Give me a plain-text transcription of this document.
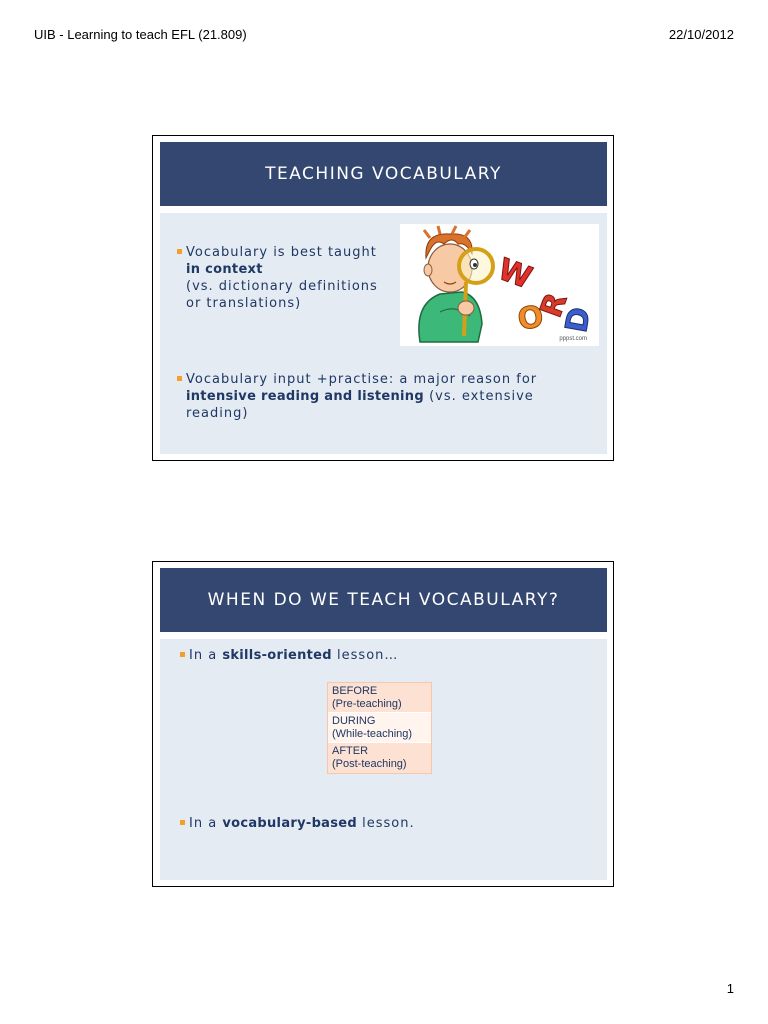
UIB - Learning to teach EFL (21.809)	22/10/2012
TEACHING VOCABULARY
Vocabulary is best taught
in context
(vs. dictionary definitions or translations)
W
O
R
D
pppst.com
Vocabulary input +practise: a major reason for
intensive reading and listening (vs. extensive reading)
WHEN DO WE TEACH VOCABULARY?
In a skills-oriented lesson…
BEFORE
(Pre-teaching)
DURING
(While-teaching)
AFTER
(Post-teaching)
In a vocabulary-based lesson.
1
